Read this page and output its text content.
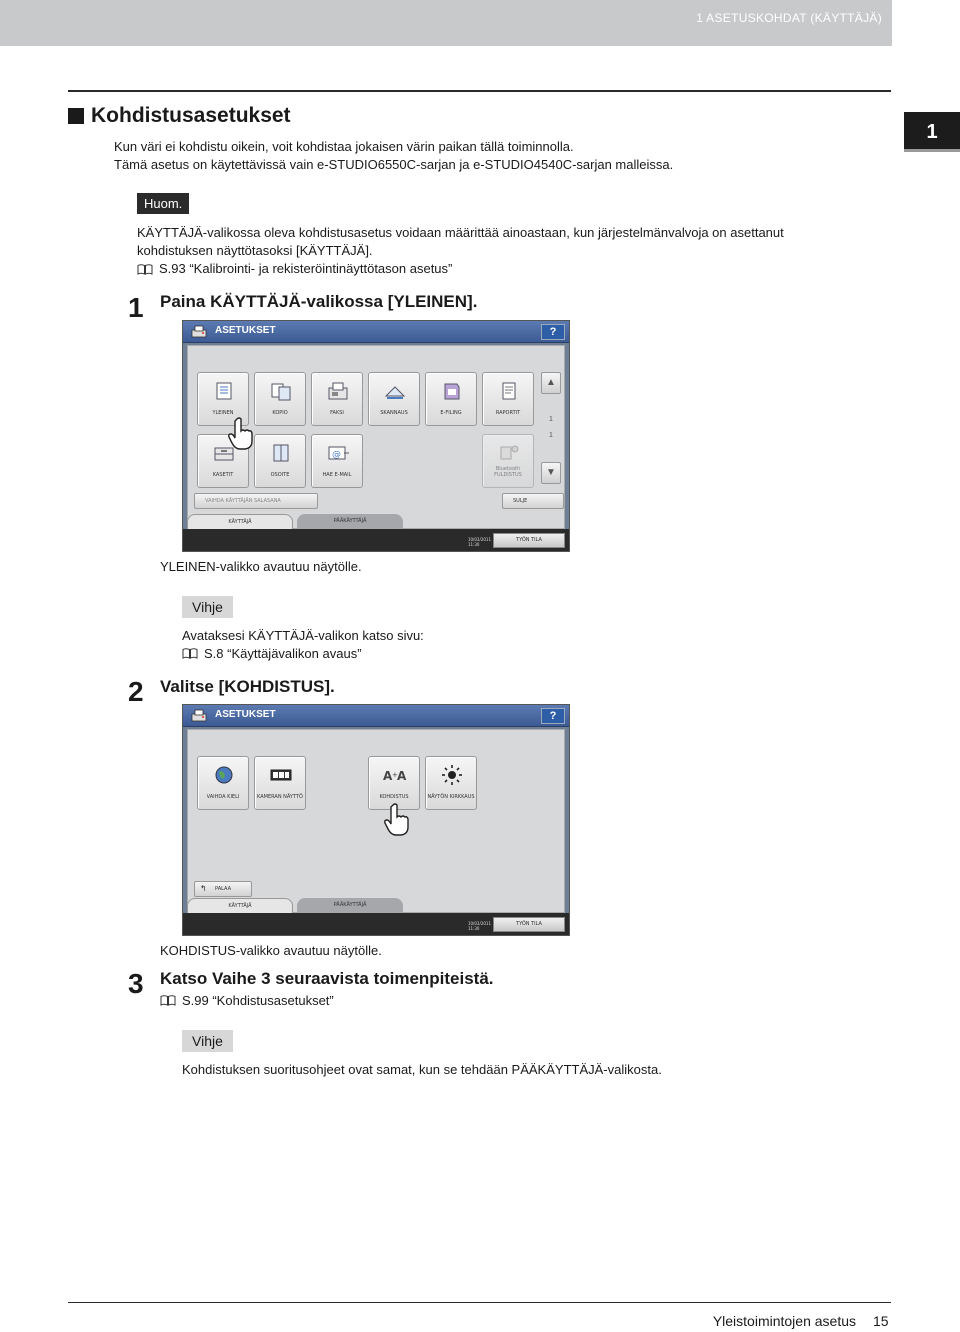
1 ASETUSKOHDAT (KÄYTTÄJÄ)
1
Kohdistusasetukset
Kun väri ei kohdistu oikein, voit kohdistaa jokaisen värin paikan tällä toiminnolla.
Tämä asetus on käytettävissä vain e-STUDIO6550C-sarjan ja e-STUDIO4540C-sarjan malleissa.
Huom.
KÄYTTÄJÄ-valikossa oleva kohdistusasetus voidaan määrittää ainoastaan, kun järjestelmänvalvoja on asettanut
kohdistuksen näyttötasoksi [KÄYTTÄJÄ].
S.93 “Kalibrointi- ja rekisteröintinäyttötason asetus”
1 Paina KÄYTTÄJÄ-valikossa [YLEINEN].
ASETUKSET	?
YLEINEN	KOPIO	FAKSI	SKANNAUS	E-FILING	RAPORTIT
KASETIT	OSOITE
@
HAE E-MAIL
Bluetooth FULDISTUS
▲
1
1
▼
VAIHDA KÄYTTÄJÄN SALASANA	SULJE
KÄYTTÄJÄ	PÄÄKÄYTTÄJÄ
10/03/2011
11:30
TYÖN TILA
YLEINEN-valikko avautuu näytölle.
Vihje
Avataksesi KÄYTTÄJÄ-valikon katso sivu:
S.8 “Käyttäjävalikon avaus”
2 Valitse [KOHDISTUS].
ASETUKSET	?
VAIHDA KIELI	KAMERAN NÄYTTÖ
A + A
KOHDISTUS	NÄYTÖN KIRKKAUS
↰ PALAA
KÄYTTÄJÄ	PÄÄKÄYTTÄJÄ
10/03/2011
11:30
TYÖN TILA
KOHDISTUS-valikko avautuu näytölle.
3 Katso Vaihe 3 seuraavista toimenpiteistä.
S.99 “Kohdistusasetukset”
Vihje
Kohdistuksen suoritusohjeet ovat samat, kun se tehdään PÄÄKÄYTTÄJÄ-valikosta.
Yleistoimintojen asetus 15
